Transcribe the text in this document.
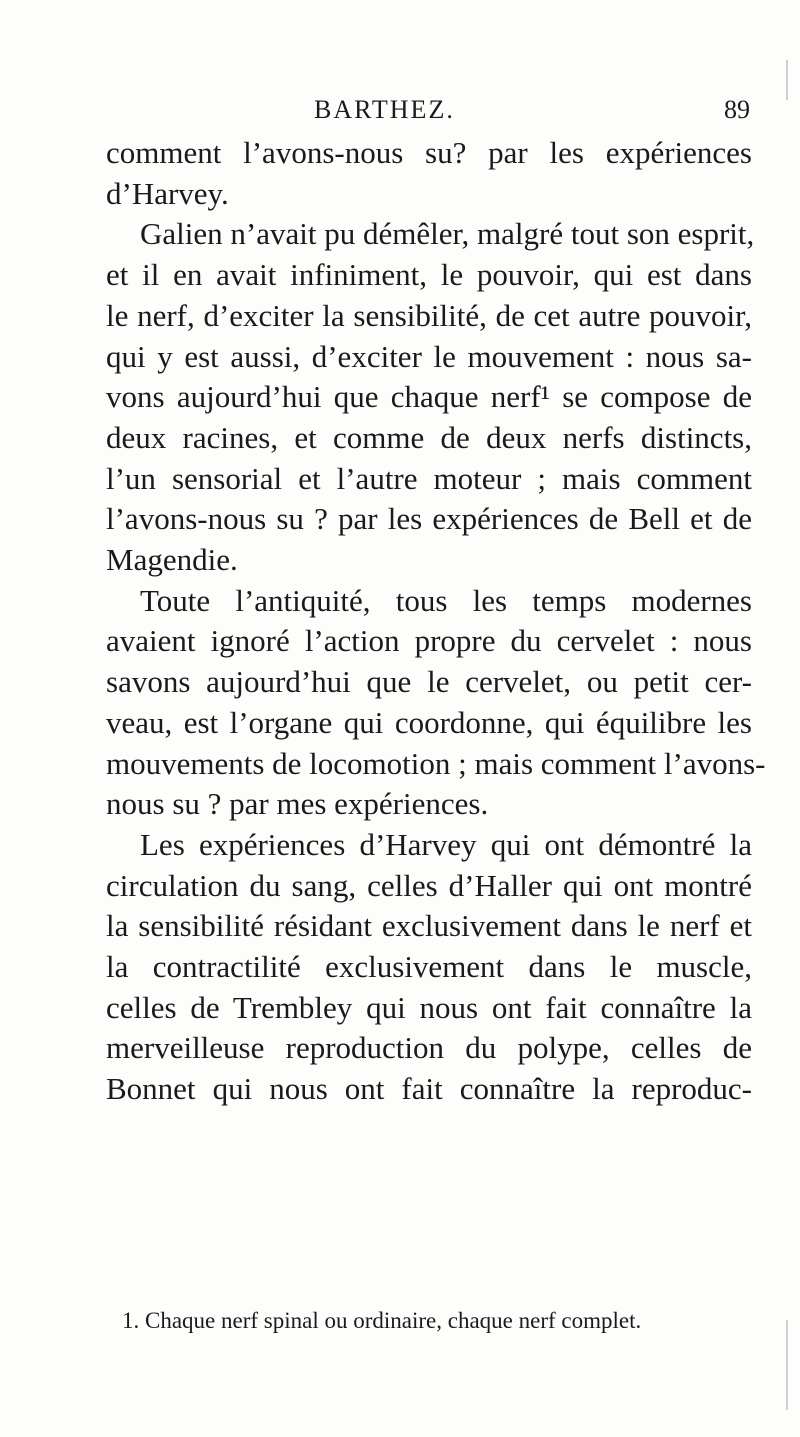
BARTHEZ.	89
comment l’avons-nous su? par les expériences
d’Harvey.
Galien n’avait pu démêler, malgré tout son esprit,
et il en avait infiniment, le pouvoir, qui est dans
le nerf, d’exciter la sensibilité, de cet autre pouvoir,
qui y est aussi, d’exciter le mouvement : nous sa-
vons aujourd’hui que chaque nerf¹ se compose de
deux racines, et comme de deux nerfs distincts,
l’un sensorial et l’autre moteur ; mais comment
l’avons-nous su ? par les expériences de Bell et de
Magendie.
Toute l’antiquité, tous les temps modernes
avaient ignoré l’action propre du cervelet : nous
savons aujourd’hui que le cervelet, ou petit cer-
veau, est l’organe qui coordonne, qui équilibre les
mouvements de locomotion ; mais comment l’avons-
nous su ? par mes expériences.
Les expériences d’Harvey qui ont démontré la
circulation du sang, celles d’Haller qui ont montré
la sensibilité résidant exclusivement dans le nerf et
la contractilité exclusivement dans le muscle,
celles de Trembley qui nous ont fait connaître la
merveilleuse reproduction du polype, celles de
Bonnet qui nous ont fait connaître la reproduc-
1. Chaque nerf spinal ou ordinaire, chaque nerf complet.
